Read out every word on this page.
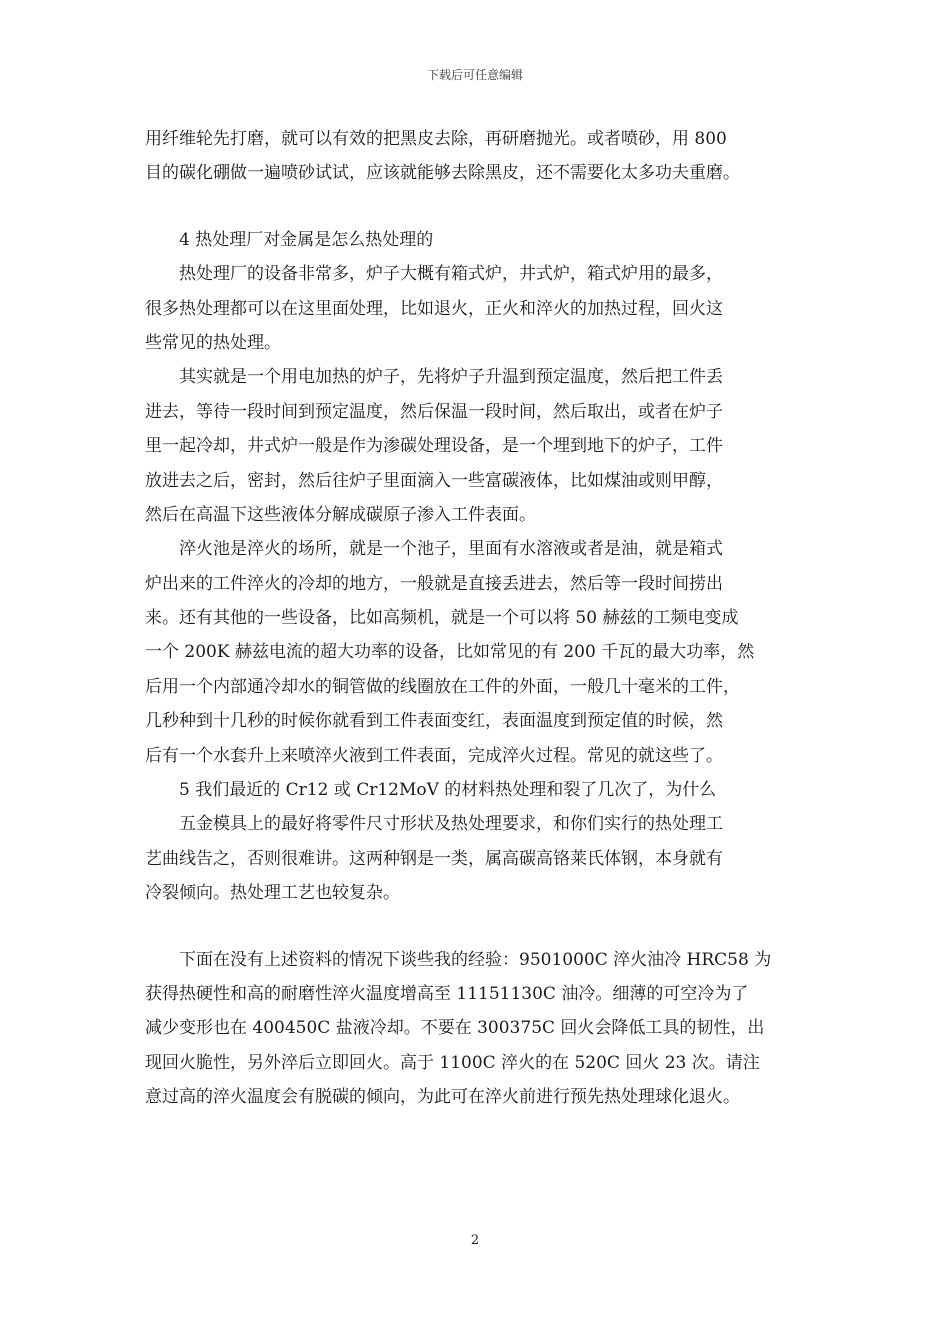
下载后可任意编辑
用纤维轮先打磨，就可以有效的把黑皮去除，再研磨抛光。或者喷砂，用 800
目的碳化硼做一遍喷砂试试，应该就能够去除黑皮，还不需要化太多功夫重磨。
　　4 热处理厂对金属是怎么热处理的
　　热处理厂的设备非常多，炉子大概有箱式炉，井式炉，箱式炉用的最多，
很多热处理都可以在这里面处理，比如退火，正火和淬火的加热过程，回火这
些常见的热处理。
　　其实就是一个用电加热的炉子，先将炉子升温到预定温度，然后把工件丢
进去，等待一段时间到预定温度，然后保温一段时间，然后取出，或者在炉子
里一起冷却，井式炉一般是作为渗碳处理设备，是一个埋到地下的炉子，工件
放进去之后，密封，然后往炉子里面滴入一些富碳液体，比如煤油或则甲醇，
然后在高温下这些液体分解成碳原子渗入工件表面。
　　淬火池是淬火的场所，就是一个池子，里面有水溶液或者是油，就是箱式
炉出来的工件淬火的冷却的地方，一般就是直接丢进去，然后等一段时间捞出
来。还有其他的一些设备，比如高频机，就是一个可以将 50 赫兹的工频电变成
一个 200K 赫兹电流的超大功率的设备，比如常见的有 200 千瓦的最大功率，然
后用一个内部通冷却水的铜管做的线圈放在工件的外面，一般几十毫米的工件，
几秒种到十几秒的时候你就看到工件表面变红，表面温度到预定值的时候，然
后有一个水套升上来喷淬火液到工件表面，完成淬火过程。常见的就这些了。
　　5 我们最近的 Cr12 或 Cr12MoV 的材料热处理和裂了几次了，为什么
　　五金模具上的最好将零件尺寸形状及热处理要求，和你们实行的热处理工
艺曲线告之，否则很难讲。这两种钢是一类，属高碳高铬莱氏体钢，本身就有
冷裂倾向。热处理工艺也较复杂。
　　下面在没有上述资料的情况下谈些我的经验：9501000C 淬火油冷 HRC58 为
获得热硬性和高的耐磨性淬火温度增高至 11151130C 油冷。细薄的可空冷为了
减少变形也在 400450C 盐液冷却。不要在 300375C 回火会降低工具的韧性，出
现回火脆性，另外淬后立即回火。高于 1100C 淬火的在 520C 回火 23 次。请注
意过高的淬火温度会有脱碳的倾向，为此可在淬火前进行预先热处理球化退火。
2
